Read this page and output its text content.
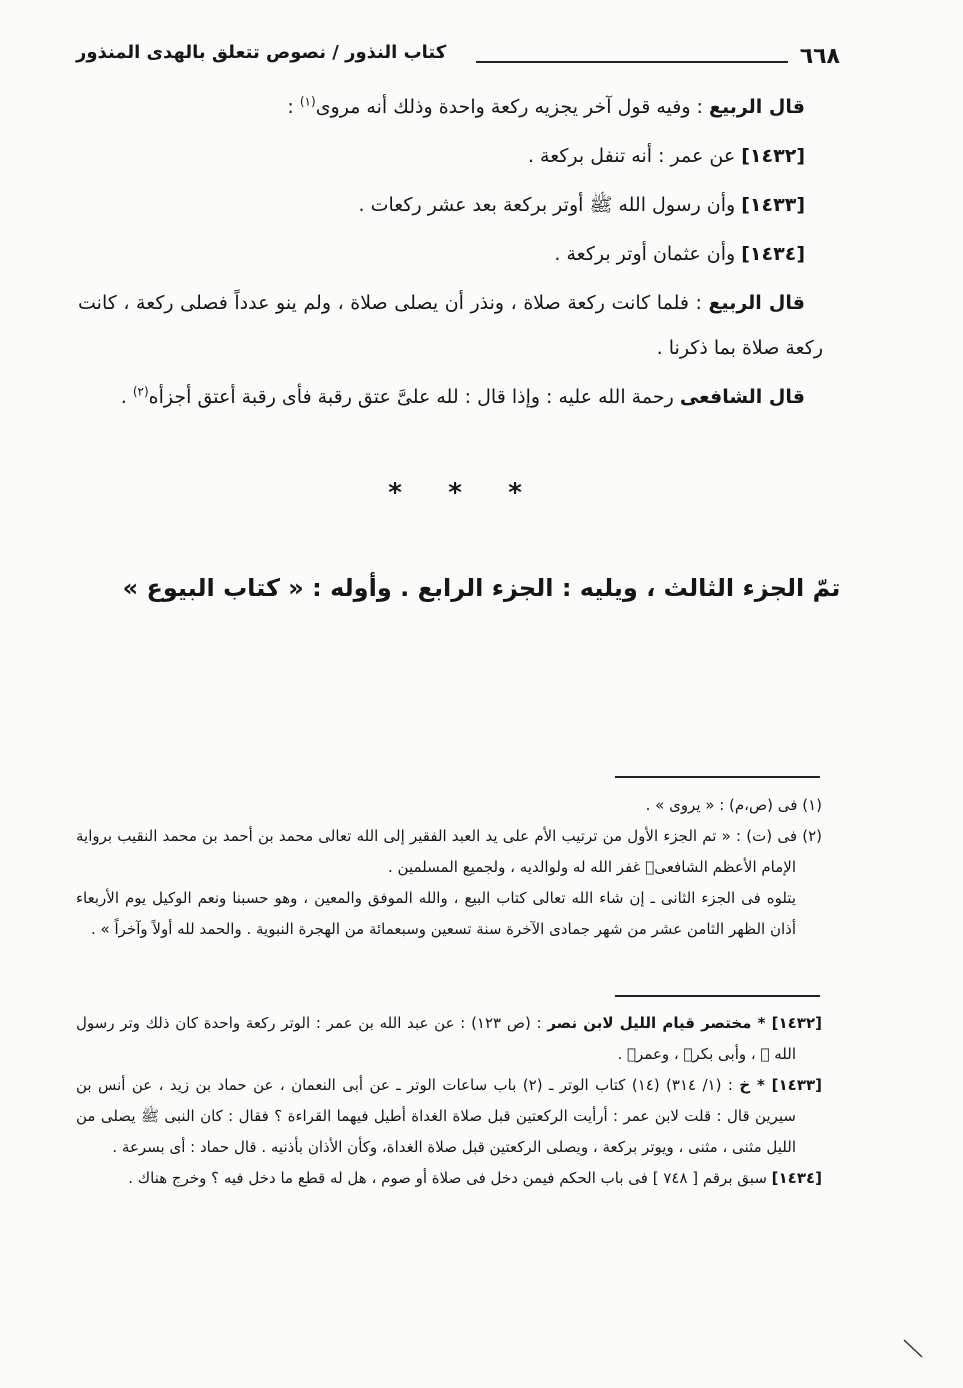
٦٦٨
كتاب النذور / نصوص تتعلق بالهدى المنذور

قال الربيع : وفيه قول آخر يجزيه ركعة واحدة وذلك أنه مروى$^{(١)}$ :

[١٤٣٢] عن عمر : أنه تنفل بركعة .

[١٤٣٣] وأن رسول الله ﷺ أوتر بركعة بعد عشر ركعات .

[١٤٣٤] وأن عثمان أوتر بركعة .

قال الربيع : فلما كانت ركعة صلاة ، ونذر أن يصلى صلاة ، ولم ينو عدداً فصلى ركعة ، كانت ركعة صلاة بما ذكرنا .

قال الشافعى رحمة الله عليه : وإذا قال : لله علىَّ عتق رقبة فأى رقبة أعتق أجزأه$^{(٢)}$ .

*	*	*
تمّ الجزء الثالث ، ويليه : الجزء الرابع . وأوله : « كتاب البيوع »

(١) فى (ص،م) : « يروى » .

(٢) فى (ت) : « تم الجزء الأول من ترتيب الأم على يد العبد الفقير إلى الله تعالى محمد بن أحمد بن محمد النقيب برواية الإمام الأعظم الشافعىؓ غفر الله له ولوالديه ، ولجميع المسلمين .

يتلوه فى الجزء الثانى ـ إن شاء الله تعالى كتاب البيع ، والله الموفق والمعين ، وهو حسبنا ونعم الوكيل يوم الأربعاء أذان الظهر الثامن عشر من شهر جمادى الآخرة سنة تسعين وسبعمائة من الهجرة النبوية . والحمد لله أولاً وآخراً » .

[١٤٣٢] * مختصر قيام الليل لابن نصر : (ص ١٢٣) : عن عبد الله بن عمر : الوتر ركعة واحدة كان ذلك وتر رسول الله ﷺ ، وأبى بكرؓ ، وعمرؓ .

[١٤٣٣] * خ : (١/ ٣١٤) (١٤) كتاب الوتر ـ (٢) باب ساعات الوتر ـ عن أبى النعمان ، عن حماد بن زيد ، عن أنس بن سيرين قال : قلت لابن عمر : أرأيت الركعتين قبل صلاة الغداة أطيل فيهما القراءة ؟ فقال : كان النبى ﷺ يصلى من الليل مثنى ، مثنى ، ويوتر بركعة ، ويصلى الركعتين قبل صلاة الغداة، وكأن الأذان بأذنيه . قال حماد : أى بسرعة .

[١٤٣٤] سبق برقم [ ٧٤٨ ] فى باب الحكم فيمن دخل فى صلاة أو صوم ، هل له قطع ما دخل فيه ؟ وخرج هناك .
